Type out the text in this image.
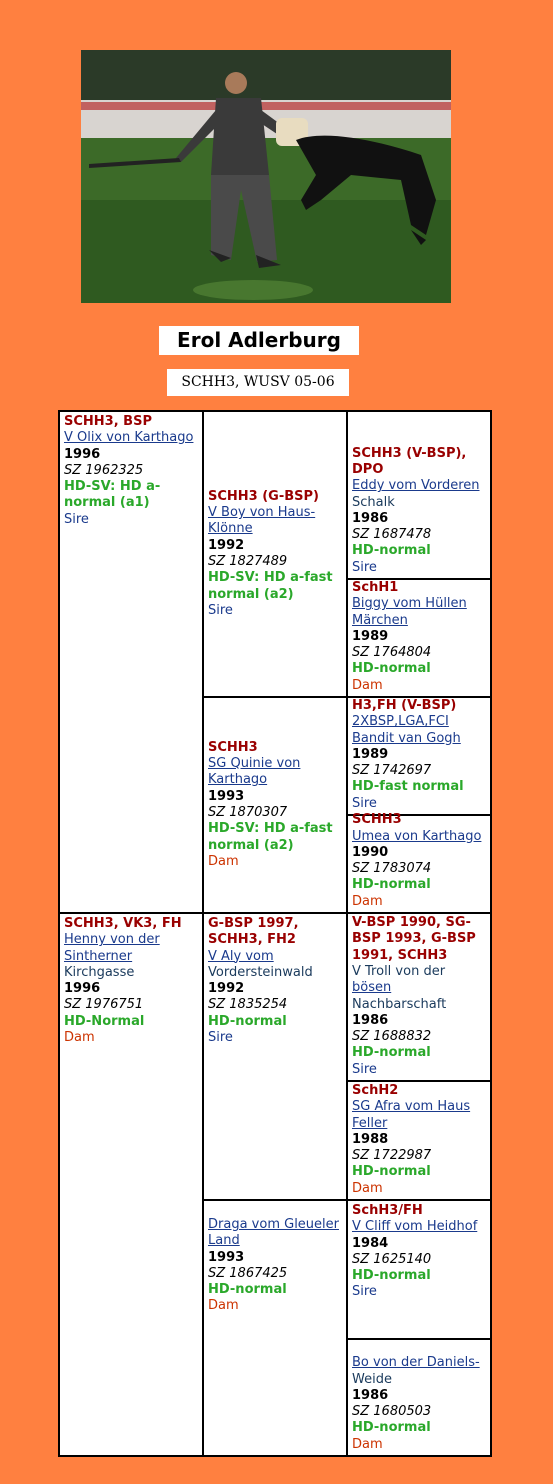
Erol Adlerburg
SCHH3, WUSV 05-06
SCHH3, BSP
V Olix von Karthago
1996
SZ 1962325
HD-SV: HD a-normal (a1)
Sire
SCHH3 (G-BSP)
V Boy von Haus-Klönne
1992
SZ 1827489
HD-SV: HD a-fast normal (a2)
Sire
SCHH3
SG Quinie von Karthago
1993
SZ 1870307
HD-SV: HD a-fast normal (a2)
Dam
SCHH3 (V-BSP), DPO
Eddy vom Vorderen
Schalk
1986
SZ 1687478
HD-normal
Sire
SchH1
Biggy vom Hüllen Märchen
1989
SZ 1764804
HD-normal
Dam
H3,FH (V-BSP)
2XBSP,LGA,FCI Bandit van Gogh
1989
SZ 1742697
HD-fast normal
Sire
SCHH3
Umea von Karthago
1990
SZ 1783074
HD-normal
Dam
SCHH3, VK3, FH
Henny von der Sintherner
Kirchgasse
1996
SZ 1976751
HD-Normal
Dam
G-BSP 1997, SCHH3, FH2
V Aly vom
Vordersteinwald
1992
SZ 1835254
HD-normal
Sire
Draga vom Gleueler Land
1993
SZ 1867425
HD-normal
Dam
V-BSP 1990, SG-BSP 1993, G-BSP 1991, SCHH3
V Troll von der
bösen
Nachbarschaft
1986
SZ 1688832
HD-normal
Sire
SchH2
SG Afra vom Haus Feller
1988
SZ 1722987
HD-normal
Dam
SchH3/FH
V Cliff vom Heidhof
1984
SZ 1625140
HD-normal
Sire
Bo von der Daniels-
Weide
1986
SZ 1680503
HD-normal
Dam
